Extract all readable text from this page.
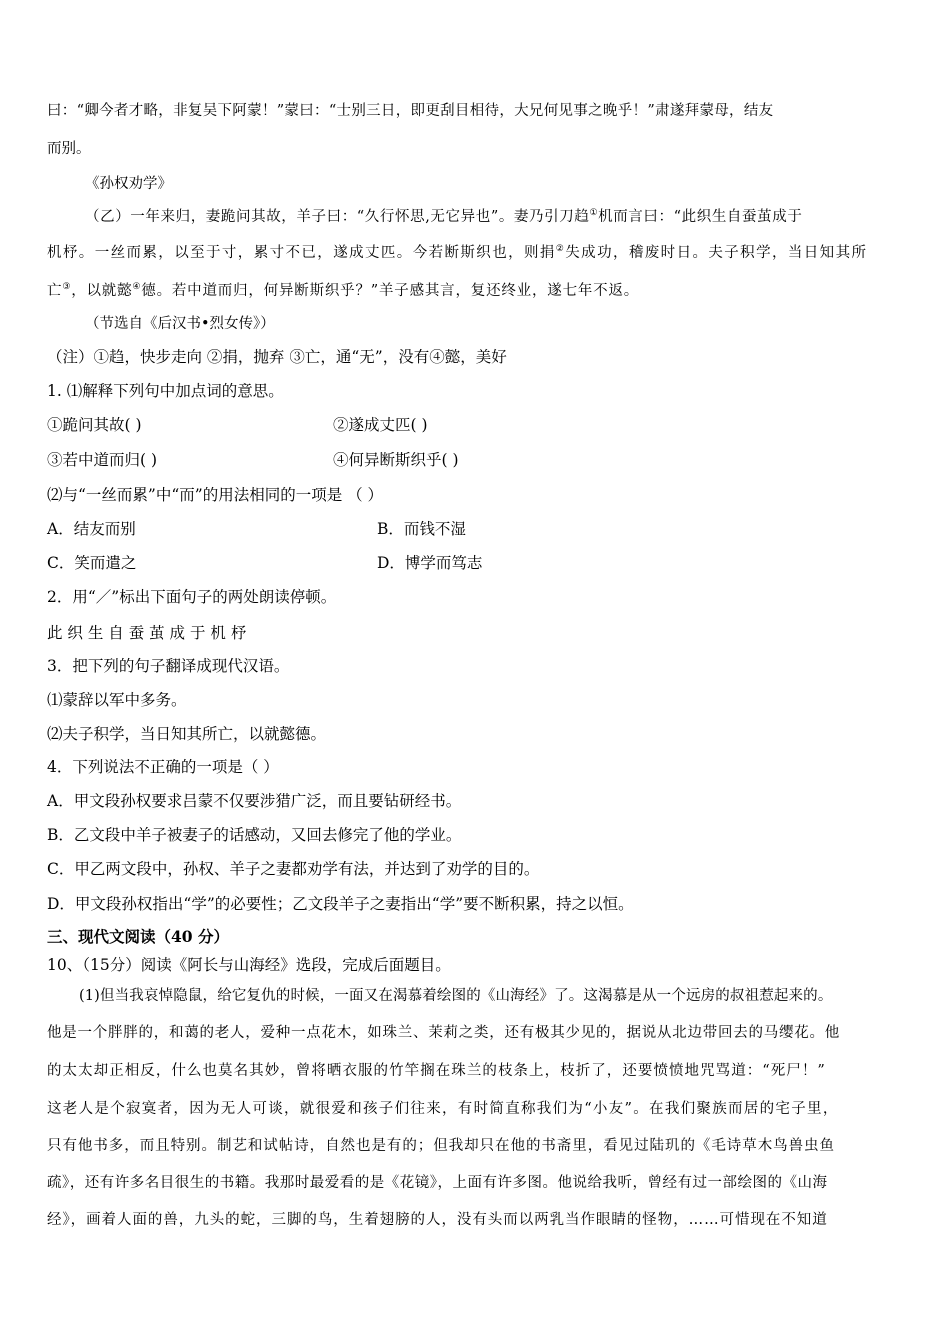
曰：“卿今者才略，非复吴下阿蒙！”蒙曰：“士别三日，即更刮目相待，大兄何见事之晚乎！”肃遂拜蒙母，结友
而别。
《孙权劝学》
（乙）一年来归，妻跪问其故，羊子曰：“久行怀思,无它异也”。妻乃引刀趋①机而言曰：“此织生自蚕茧成于
机杼。一丝而累，以至于寸，累寸不已，遂成丈匹。今若断斯织也，则捐②失成功，稽废时日。夫子积学，当日知其所
亡③，以就懿④德。若中道而归，何异断斯织乎？”羊子感其言，复还终业，遂七年不返。
（节选自《后汉书•烈女传》）
（注）①趋，快步走向 ②捐，抛弃 ③亡，通“无”，没有④懿，美好
1. ⑴解释下列句中加点词的意思。
①跪问其故( )	②遂成丈匹( )
③若中道而归( )	④何异断斯织乎( )
⑵与“一丝而累”中“而”的用法相同的一项是 （ ）
A．结友而别	B．而钱不湿
C．笑而遣之	D．博学而笃志
2．用“／”标出下面句子的两处朗读停顿。
此 织 生 自 蚕 茧 成 于 机 杼
3．把下列的句子翻译成现代汉语。
⑴蒙辞以军中多务。
⑵夫子积学，当日知其所亡，以就懿德。
4．下列说法不正确的一项是（ ）
A．甲文段孙权要求吕蒙不仅要涉猎广泛，而且要钻研经书。
B．乙文段中羊子被妻子的话感动，又回去修完了他的学业。
C．甲乙两文段中，孙权、羊子之妻都劝学有法，并达到了劝学的目的。
D．甲文段孙权指出“学”的必要性；乙文段羊子之妻指出“学”要不断积累，持之以恒。
三、现代文阅读（40 分）
10、（15分）阅读《阿长与山海经》选段，完成后面题目。
(1)但当我哀悼隐鼠，给它复仇的时候，一面又在渴慕着绘图的《山海经》了。这渴慕是从一个远房的叔祖惹起来的。
他是一个胖胖的，和蔼的老人，爱种一点花木，如珠兰、茉莉之类，还有极其少见的，据说从北边带回去的马缨花。他
的太太却正相反，什么也莫名其妙，曾将晒衣服的竹竿搁在珠兰的枝条上，枝折了，还要愤愤地咒骂道：“死尸！”
这老人是个寂寞者，因为无人可谈，就很爱和孩子们往来，有时简直称我们为“小友”。在我们聚族而居的宅子里，
只有他书多，而且特别。制艺和试帖诗，自然也是有的；但我却只在他的书斋里，看见过陆玑的《毛诗草木鸟兽虫鱼
疏》，还有许多名目很生的书籍。我那时最爱看的是《花镜》，上面有许多图。他说给我听，曾经有过一部绘图的《山海
经》，画着人面的兽，九头的蛇，三脚的鸟，生着翅膀的人，没有头而以两乳当作眼睛的怪物，……可惜现在不知道
